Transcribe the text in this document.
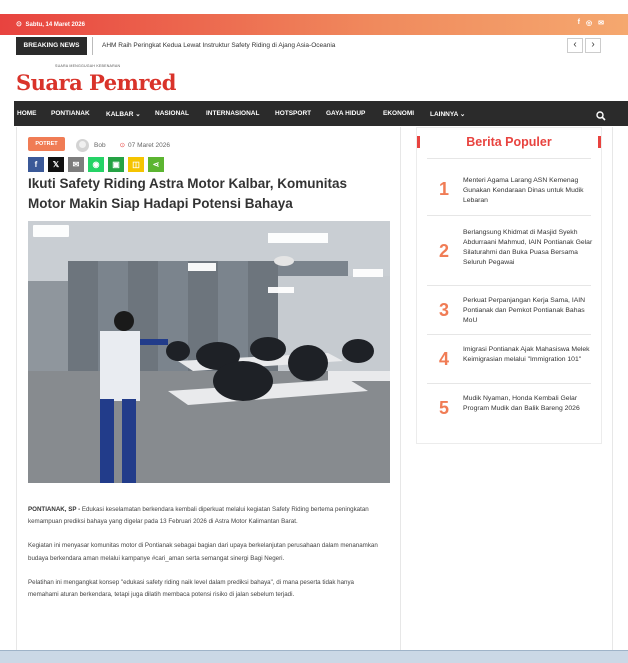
⊙ Sabtu, 14 Maret 2026	f ◎ ✉
BREAKING NEWS	AHM Raih Peringkat Kedua Lewat Instruktur Safety Riding di Ajang Asia-Oceania	‹	›
SUARA MENGGUGAH KEBENARAN
Suara Pemred
HOME PONTIANAK	KALBAR ⌄ NASIONAL	INTERNASIONAL HOTSPORT GAYA HIDUP	EKONOMI LAINNYA ⌄
POTRET	Bob ⊙ 07 Maret 2026
f	𝕏	✉	◉	▣	◫	⋖
Ikuti Safety Riding Astra Motor Kalbar, Komunitas Motor Makin Siap Hadapi Potensi Bahaya

PONTIANAK, SP - Edukasi keselamatan berkendara kembali diperkuat melalui kegiatan Safety Riding bertema peningkatan kemampuan prediksi bahaya yang digelar pada 13 Februari 2026 di Astra Motor Kalimantan Barat.

Kegiatan ini menyasar komunitas motor di Pontianak sebagai bagian dari upaya berkelanjutan perusahaan dalam menanamkan budaya berkendara aman melalui kampanye #cari_aman serta semangat sinergi Bagi Negeri.

Pelatihan ini mengangkat konsep "edukasi safety riding naik level dalam prediksi bahaya", di mana peserta tidak hanya memahami aturan berkendara, tetapi juga dilatih membaca potensi risiko di jalan sebelum terjadi.

Berita Populer
1 Menteri Agama Larang ASN Kemenag Gunakan Kendaraan Dinas untuk Mudik Lebaran
2
Berlangsung Khidmat di Masjid Syekh Abdurraani Mahmud, IAIN Pontianak Gelar Silaturahmi dan Buka Puasa Bersama Seluruh Pegawai
3 Perkuat Perpanjangan Kerja Sama, IAIN Pontianak dan Pemkot Pontianak Bahas MoU
4 Imigrasi Pontianak Ajak Mahasiswa Melek Keimigrasian melalui "Immigration 101"
5 Mudik Nyaman, Honda Kembali Gelar Program Mudik dan Balik Bareng 2026
